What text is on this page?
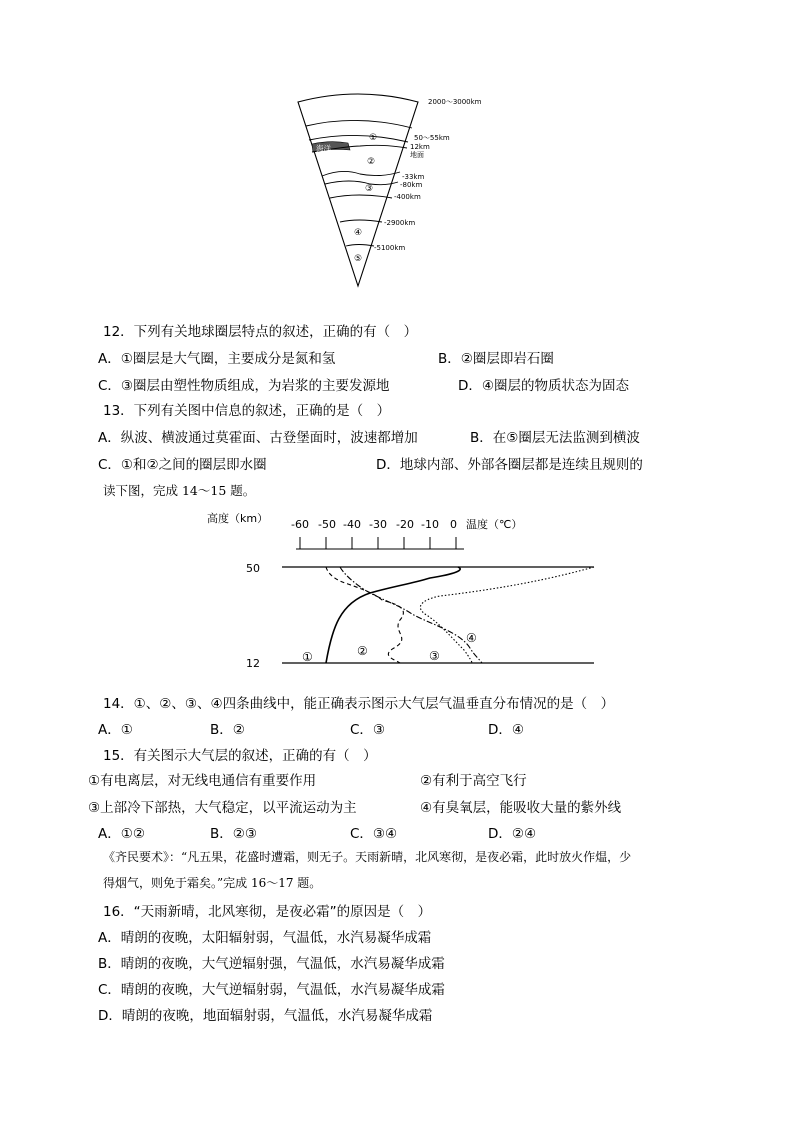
①
海洋
②
③
④
⑤
2000～3000km
50～55km
12km
地面
-33km
-80km
-400km
-2900km
-5100km
12．下列有关地球圈层特点的叙述，正确的有（　）
A．①圈层是大气圈，主要成分是氮和氢	B．②圈层即岩石圈
C．③圈层由塑性物质组成，为岩浆的主要发源地	D．④圈层的物质状态为固态
13．下列有关图中信息的叙述，正确的是（　）
A．纵波、横波通过莫霍面、古登堡面时，波速都增加	B．在⑤圈层无法监测到横波
C．①和②之间的圈层即水圈	D．地球内部、外部各圈层都是连续且规则的
读下图，完成 14～15 题。
高度（km）	温度（℃）
-60 -50 -40 -30 -20 -10 0
50
12	①	②	③
④
14．①、②、③、④四条曲线中，能正确表示图示大气层气温垂直分布情况的是（　）
A．①	B．②	C．③	D．④
15．有关图示大气层的叙述，正确的有（　）
①有电离层，对无线电通信有重要作用	②有利于高空飞行
③上部冷下部热，大气稳定，以平流运动为主	④有臭氧层，能吸收大量的紫外线
A．①②	B．②③	C．③④	D．②④
《齐民要术》：“凡五果，花盛时遭霜，则无子。天雨新晴，北风寒彻，是夜必霜，此时放火作煴，少
得烟气，则免于霜矣。”完成 16～17 题。
16．“天雨新晴，北风寒彻，是夜必霜”的原因是（　）
A．晴朗的夜晚，太阳辐射弱，气温低，水汽易凝华成霜
B．晴朗的夜晚，大气逆辐射强，气温低，水汽易凝华成霜
C．晴朗的夜晚，大气逆辐射弱，气温低，水汽易凝华成霜
D．晴朗的夜晚，地面辐射弱，气温低，水汽易凝华成霜
